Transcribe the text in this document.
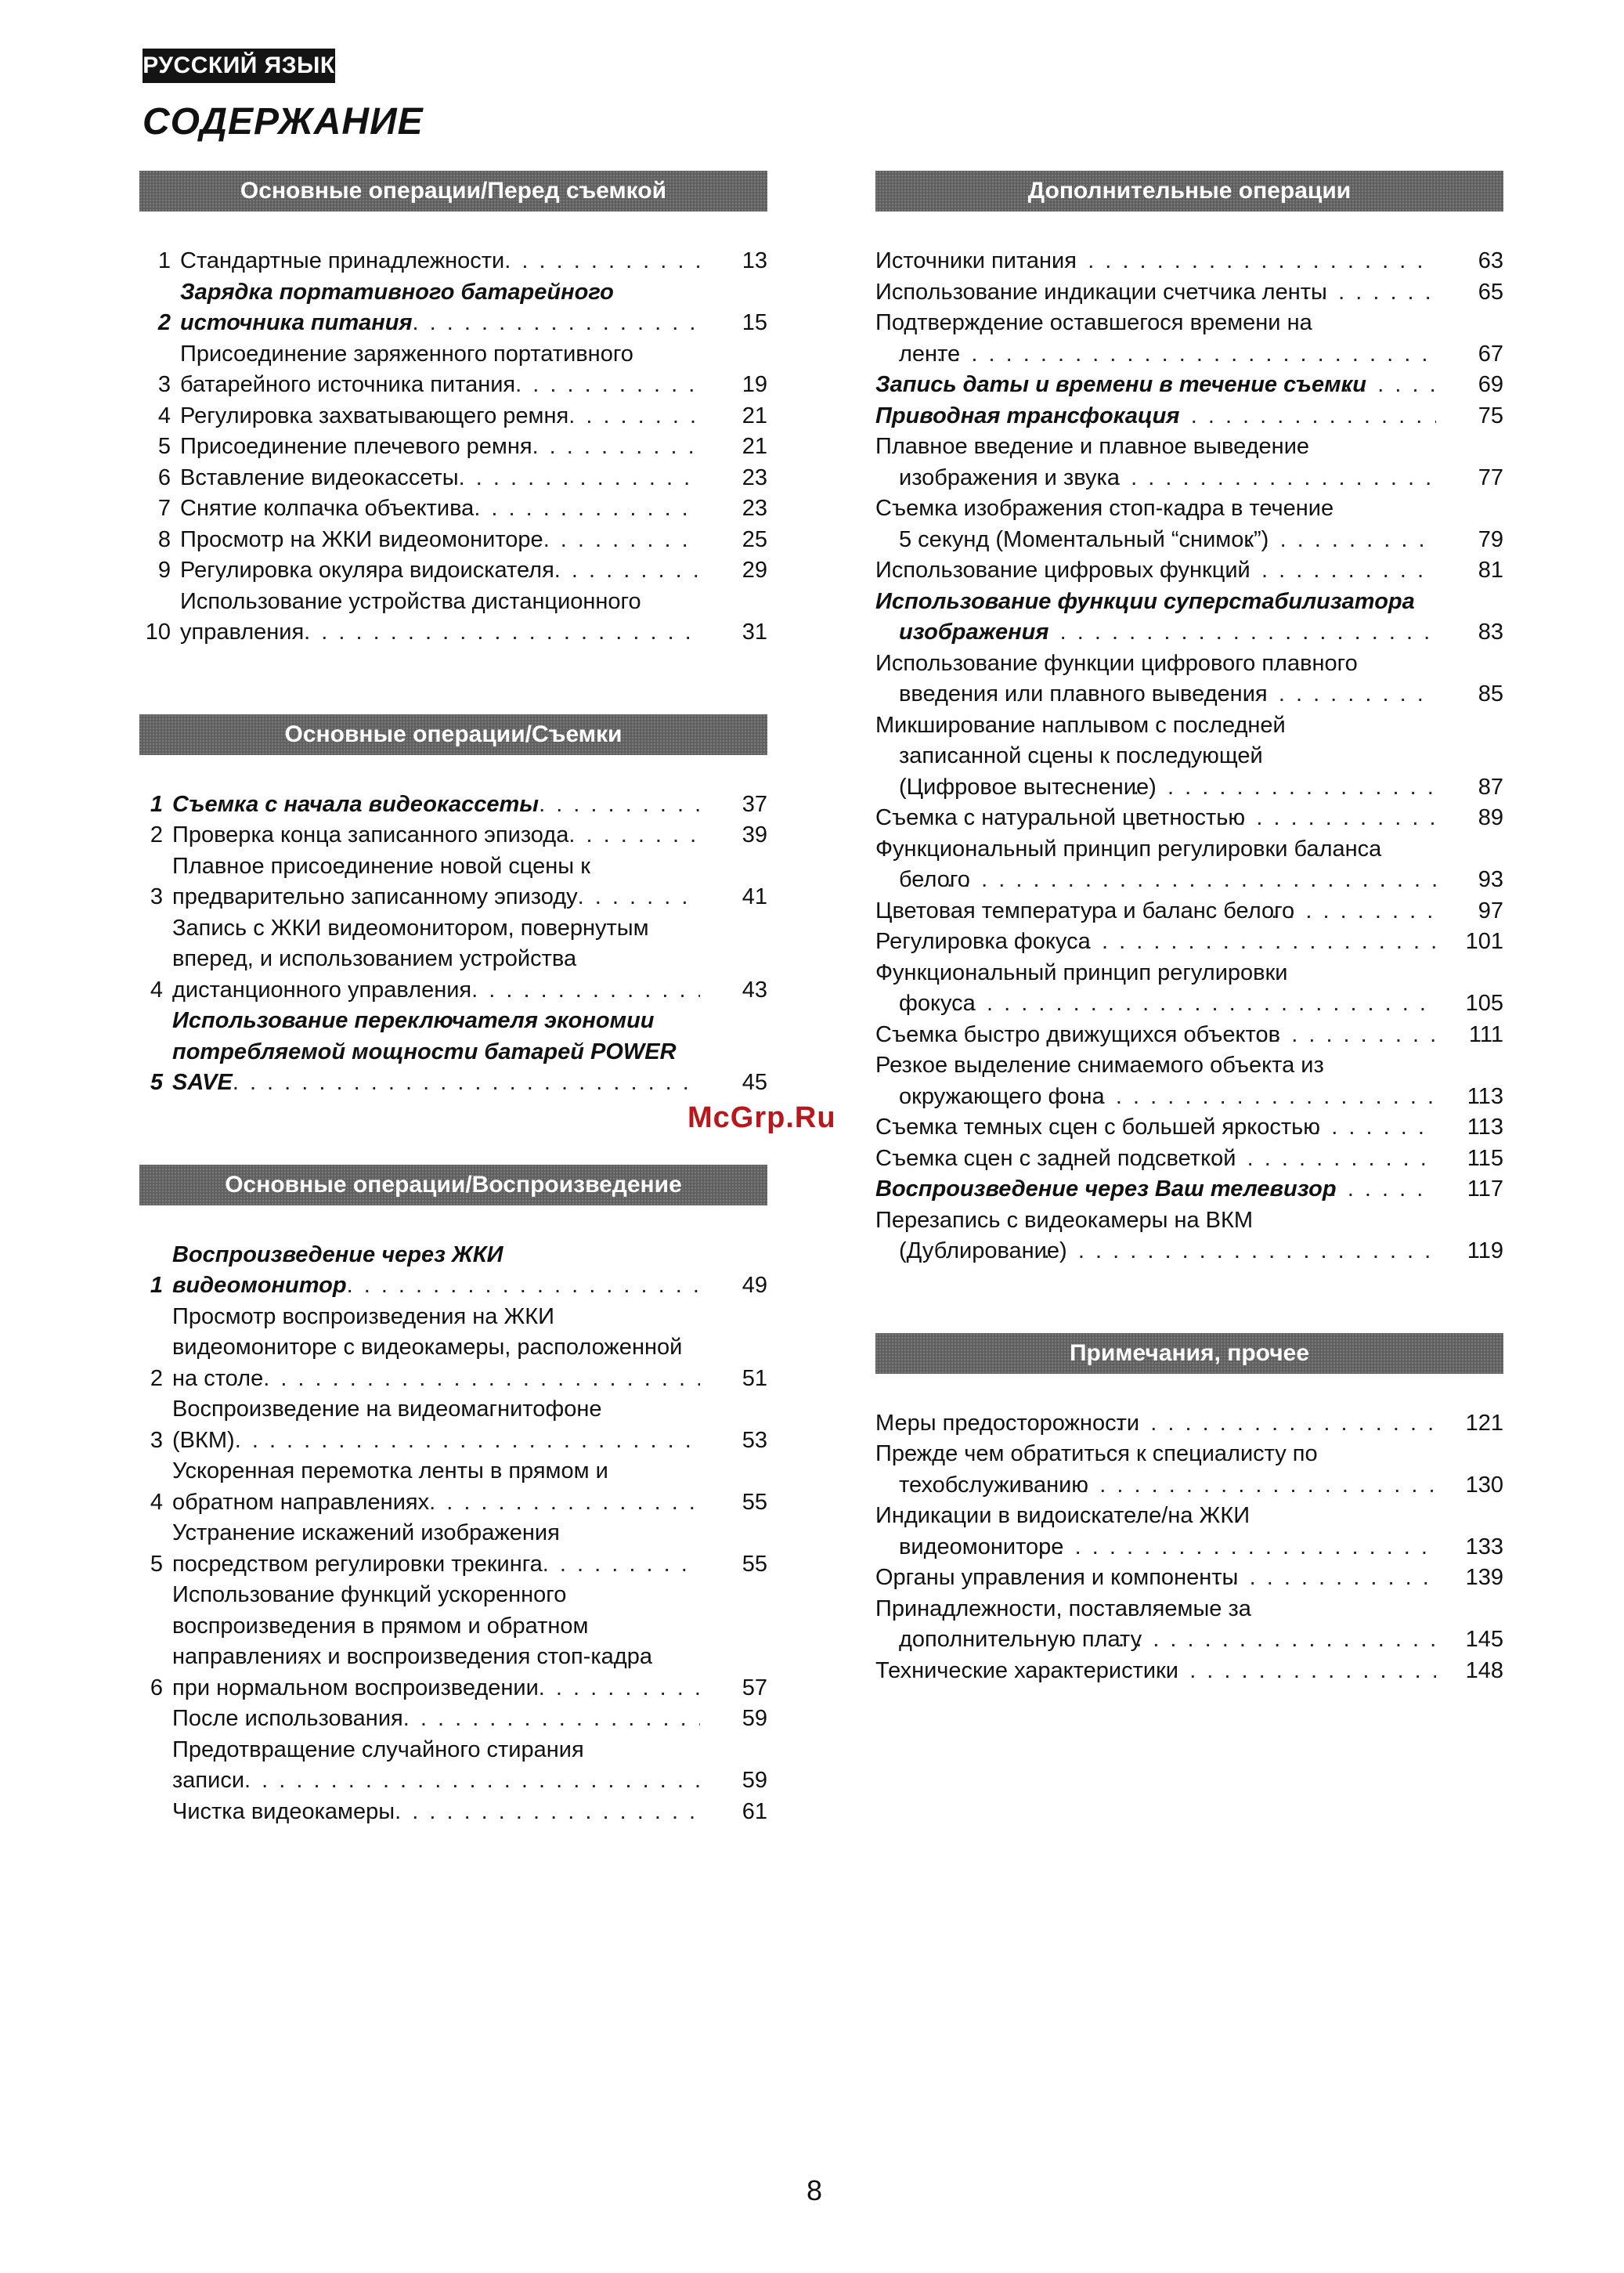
РУССКИЙ ЯЗЫК
СОДЕРЖАНИЕ
Основные операции/Перед съемкой
1 Стандартные принадлежности . . .	13
2
Зарядка портативного батарейного
источника питания . . .	15
3
Присоединение заряженного портативного
батарейного источника питания . . .	19
4 Регулировка захватывающего ремня . . .	21
5 Присоединение плечевого ремня . . .	21
6 Вставление видеокассеты . . .	23
7 Снятие колпачка объектива . . .	23
8 Просмотр на ЖКИ видеомониторе . . .	25
9 Регулировка окуляра видоискателя . . .	29
10
Использование устройства дистанционного
управления . . .	31
Основные операции/Съемки
1 Съемка с начала видеокассеты . . .	37
2 Проверка конца записанного эпизода . . .	39
3
Плавное присоединение новой сцены к
предварительно записанному эпизоду . . .	41
4
Запись с ЖКИ видеомонитором, повернутым
вперед, и использованием устройства
дистанционного управления . . .	43
5
Использование переключателя экономии
потребляемой мощности батарей POWER
SAVE . . .	45
Основные операции/Воспроизведение
1
Воспроизведение через ЖКИ
видеомонитор . . .	49
2
Просмотр воспроизведения на ЖКИ
видеомониторе с видеокамеры, расположенной
на столе . . .	51
3
Воспроизведение на видеомагнитофоне
(ВКМ) . . .	53
4
Ускоренная перемотка ленты в прямом и
обратном направлениях . . .	55
5
Устранение искажений изображения
посредством регулировки трекинга . . .	55
6
Использование функций ускоренного
воспроизведения в прямом и обратном
направлениях и воспроизведения стоп-кадра
при нормальном воспроизведении . . .	57
После использования . . .	59
Предотвращение случайного стирания
записи . . .	59
Чистка видеокамеры . . .	61
Дополнительные операции
Источники питания . . .	63
Использование индикации счетчика ленты . . .	65
Подтверждение оставшегося времени на
ленте . . .	67
Запись даты и времени в течение съемки . . .	69
Приводная трансфокация . . .	75
Плавное введение и плавное выведение
изображения и звука . . .	77
Съемка изображения стоп-кадра в течение
5 секунд (Моментальный “снимок”) . . .	79
Использование цифровых функций . . .	81
Использование функции суперстабилизатора
изображения . . .	83
Использование функции цифрового плавного
введения или плавного выведения . . .	85
Микширование наплывом с последней
записанной сцены к последующей
(Цифровое вытеснение) . . .	87
Съемка с натуральной цветностью . . .	89
Функциональный принцип регулировки баланса
белого . . .	93
Цветовая температура и баланс белого . . .	97
Регулировка фокуса . . .	101
Функциональный принцип регулировки
фокуса . . .	105
Съемка быстро движущихся объектов . . .	111
Резкое выделение снимаемого объекта из
окружающего фона . . .	113
Съемка темных сцен с большей яркостью . . .	113
Съемка сцен с задней подсветкой . . .	115
Воспроизведение через Ваш телевизор . . .	117
Перезапись с видеокамеры на ВКМ
(Дублирование) . . .	119
Примечания, прочее
Меры предосторожности . . .	121
Прежде чем обратиться к специалисту по
техобслуживанию . . .	130
Индикации в видоискателе/на ЖКИ
видеомониторе . . .	133
Органы управления и компоненты . . .	139
Принадлежности, поставляемые за
дополнительную плату . . .	145
Технические характеристики . . .	148
McGrp.Ru
8
